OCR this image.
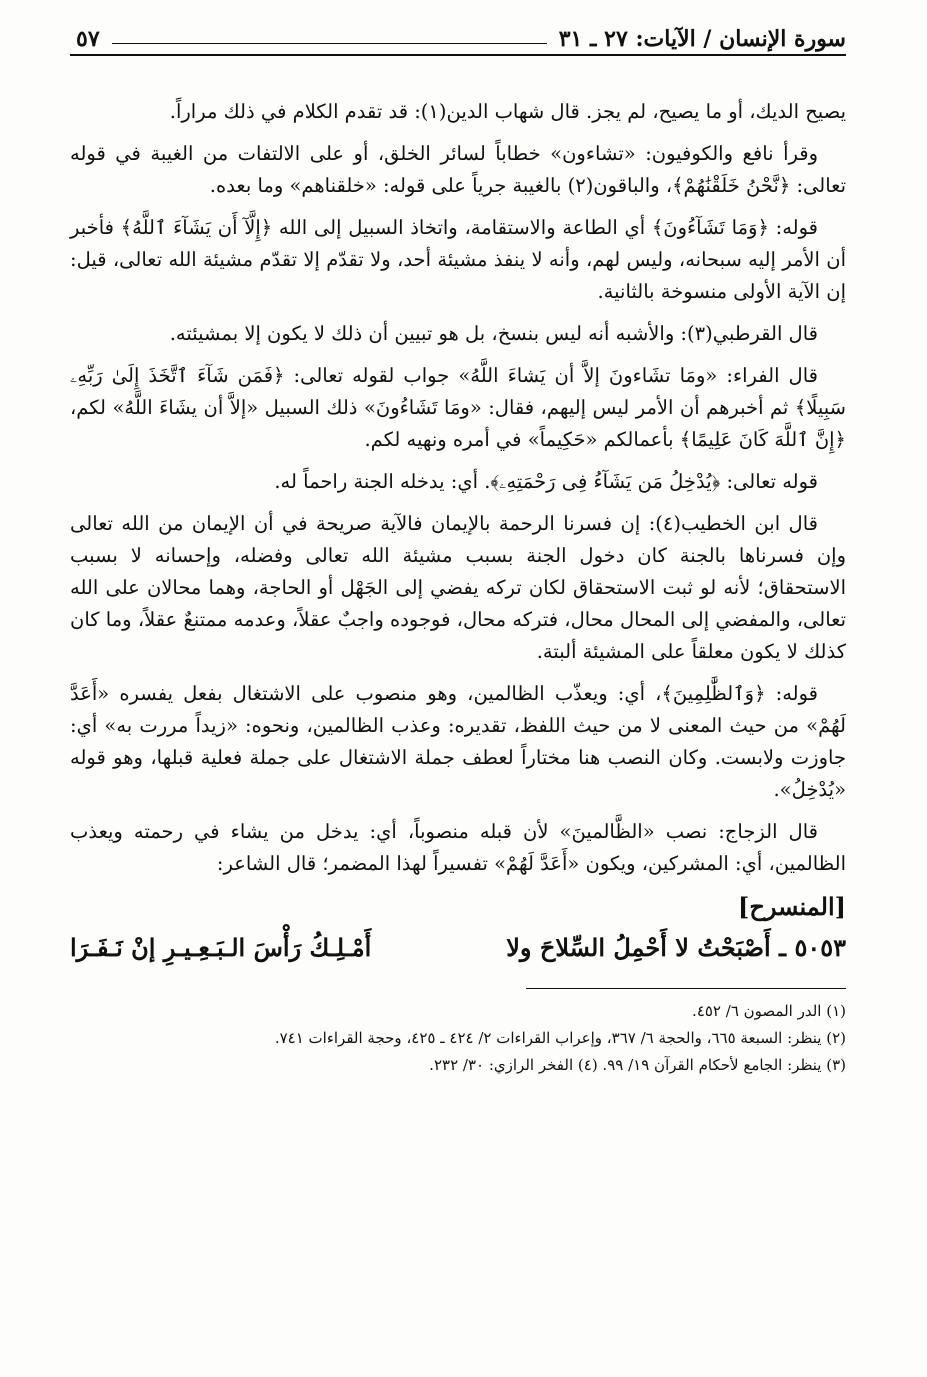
سورة الإنسان / الآيات: ٢٧ ـ ٣١
٥٧

يصيح الديك، أو ما يصيح، لم يجز. قال شهاب الدين(١): قد تقدم الكلام في ذلك مراراً.

وقرأ نافع والكوفيون: «تشاءون» خطاباً لسائر الخلق، أو على الالتفات من الغيبة في قوله تعالى: ﴿نَّحْنُ خَلَقْنَٰهُمْ﴾، والباقون(٢) بالغيبة جرياً على قوله: «خلقناهم» وما بعده.

قوله: ﴿وَمَا تَشَآءُونَ﴾ أي الطاعة والاستقامة، واتخاذ السبيل إلى الله ﴿إِلَّآ أَن يَشَآءَ ٱللَّهُ﴾ فأخبر أن الأمر إليه سبحانه، وليس لهم، وأنه لا ينفذ مشيئة أحد، ولا تقدّم إلا تقدّم مشيئة الله تعالى، قيل: إن الآية الأولى منسوخة بالثانية.

قال القرطبي(٣): والأشبه أنه ليس بنسخ، بل هو تبيين أن ذلك لا يكون إلا بمشيئته.

قال الفراء: «ومَا تشَاءونَ إلاَّ أن يَشاءَ اللَّهُ» جواب لقوله تعالى: ﴿فَمَن شَآءَ ٱتَّخَذَ إِلَىٰ رَبِّهِۦ سَبِيلًا﴾ ثم أخبرهم أن الأمر ليس إليهم، فقال: «ومَا تَشَاءُونَ» ذلك السبيل «إلاَّ أن يشَاءَ اللَّهُ» لكم، ﴿إِنَّ ٱللَّهَ كَانَ عَلِيمًا﴾ بأعمالكم «حَكِيماً» في أمره ونهيه لكم.

قوله تعالى: ﴿يُدْخِلُ مَن يَشَآءُ فِى رَحْمَتِهِۦ﴾. أي: يدخله الجنة راحماً له.

قال ابن الخطيب(٤): إن فسرنا الرحمة بالإيمان فالآية صريحة في أن الإيمان من الله تعالى وإن فسرناها بالجنة كان دخول الجنة بسبب مشيئة الله تعالى وفضله، وإحسانه لا بسبب الاستحقاق؛ لأنه لو ثبت الاستحقاق لكان تركه يفضي إلى الجَهْل أو الحاجة، وهما محالان على الله تعالى، والمفضي إلى المحال محال، فتركه محال، فوجوده واجبٌ عقلاً، وعدمه ممتنعٌ عقلاً، وما كان كذلك لا يكون معلقاً على المشيئة ألبتة.

قوله: ﴿وَٱلظَّٰلِمِينَ﴾، أي: ويعذّب الظالمين، وهو منصوب على الاشتغال بفعل يفسره «أَعَدَّ لَهُمْ» من حيث المعنى لا من حيث اللفظ، تقديره: وعذب الظالمين، ونحوه: «زيداً مررت به» أي: جاوزت ولابست. وكان النصب هنا مختاراً لعطف جملة الاشتغال على جملة فعلية قبلها، وهو قوله «يُدْخِلُ».

قال الزجاج: نصب «الظَّالمينَ» لأن قبله منصوباً، أي: يدخل من يشاء في رحمته ويعذب الظالمين، أي: المشركين، ويكون «أَعَدَّ لَهُمْ» تفسيراً لهذا المضمر؛ قال الشاعر:

[المنسرح]
٥٠٥٣ ـ أَصْبَحْتُ لا أَحْمِلُ السِّلاحَ ولا
أَمْـلِـكُ رَأْسَ الـبَـعِـيـرِ إنْ نَـفَـرَا
(١) الدر المصون ٦/ ٤٥٢.
(٢) ينظر: السبعة ٦٦٥، والحجة ٦/ ٣٦٧، وإعراب القراءات ٢/ ٤٢٤ ـ ٤٢٥، وحجة القراءات ٧٤١.
(٣) ينظر: الجامع لأحكام القرآن ١٩/ ٩٩. (٤) الفخر الرازي: ٣٠/ ٢٣٢.
